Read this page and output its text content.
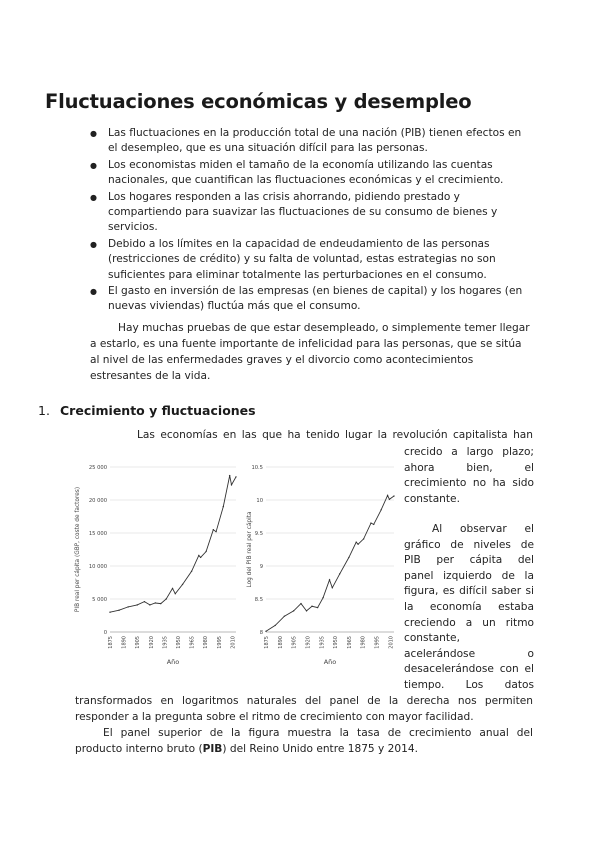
Fluctuaciones económicas y desempleo
● Las fluctuaciones en la producción total de una nación (PIB) tienen efectos en el desempleo, que es una situación difícil para las personas.
● Los economistas miden el tamaño de la economía utilizando las cuentas nacionales, que cuantifican las fluctuaciones económicas y el crecimiento.
● Los hogares responden a las crisis ahorrando, pidiendo prestado y compartiendo para suavizar las fluctuaciones de su consumo de bienes y servicios.
● Debido a los límites en la capacidad de endeudamiento de las personas (restricciones de crédito) y su falta de voluntad, estas estrategias no son suficientes para eliminar totalmente las perturbaciones en el consumo.
● El gasto en inversión de las empresas (en bienes de capital) y los hogares (en nuevas viviendas) fluctúa más que el consumo.

Hay muchas pruebas de que estar desempleado, o simplemente temer llegar a estarlo, es una fuente importante de infelicidad para las personas, que se sitúa al nivel de las enfermedades graves y el divorcio como acontecimientos estresantes de la vida.

1. Crecimiento y fluctuaciones
Las economías en las que ha tenido lugar la revolución capitalista han
crecido a largo plazo;
ahora bien, el
crecimiento no ha sido
constante.
Al observar el
gráfico de niveles de
PIB per cápita del
panel izquierdo de la
figura, es difícil saber si
la economía estaba
creciendo a un ritmo
constante,
acelerándose o
desacelerándose con el
tiempo. Los datos
transformados en logaritmos naturales del panel de la derecha nos permiten
responder a la pregunta sobre el ritmo de crecimiento con mayor facilidad.
El panel superior de la figura muestra la tasa de crecimiento anual del
producto interno bruto (PIB) del Reino Unido entre 1875 y 2014.
0
5 000
10 000
15 000
20 000
25 000
1875 1890 1905 1920 1935 1950 1965 1980 1995 2010
Año
PIB real per cápita (GBP, coste de factores)
8
8.5
9
9.5
10
10.5
1875 1890 1905 1920 1935 1950 1965 1980 1995 2010
Año
Log del PIB real per cápita
